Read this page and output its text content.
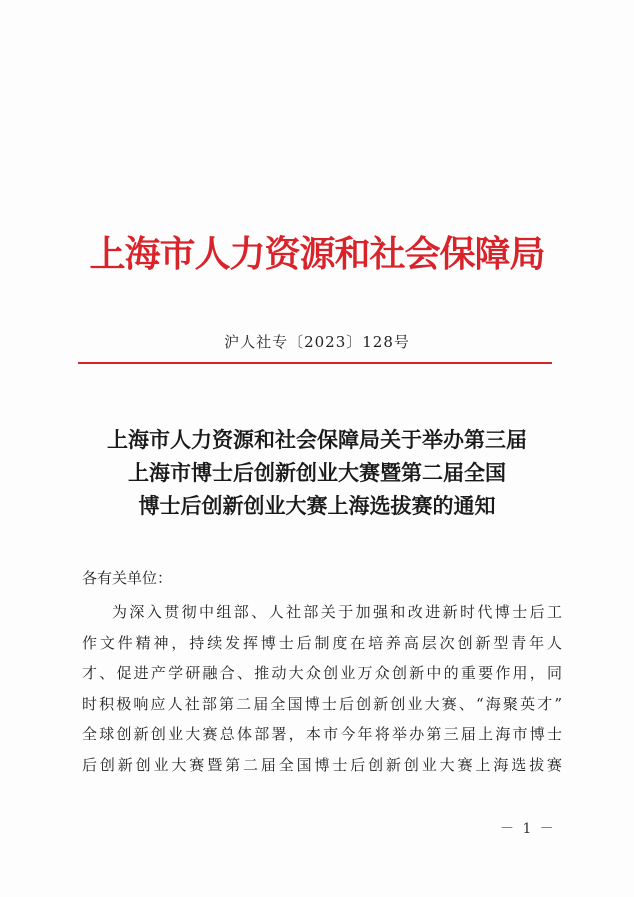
上海市人力资源和社会保障局
沪人社专〔2023〕128号
上海市人力资源和社会保障局关于举办第三届
上海市博士后创新创业大赛暨第二届全国
博士后创新创业大赛上海选拔赛的通知
各有关单位：
为深入贯彻中组部、人社部关于加强和改进新时代博士后工
作文件精神，持续发挥博士后制度在培养高层次创新型青年人
才、促进产学研融合、推动大众创业万众创新中的重要作用，同
时积极响应人社部第二届全国博士后创新创业大赛、“海聚英才”
全球创新创业大赛总体部署，本市今年将举办第三届上海市博士
后创新创业大赛暨第二届全国博士后创新创业大赛上海选拔赛
－ 1 －
